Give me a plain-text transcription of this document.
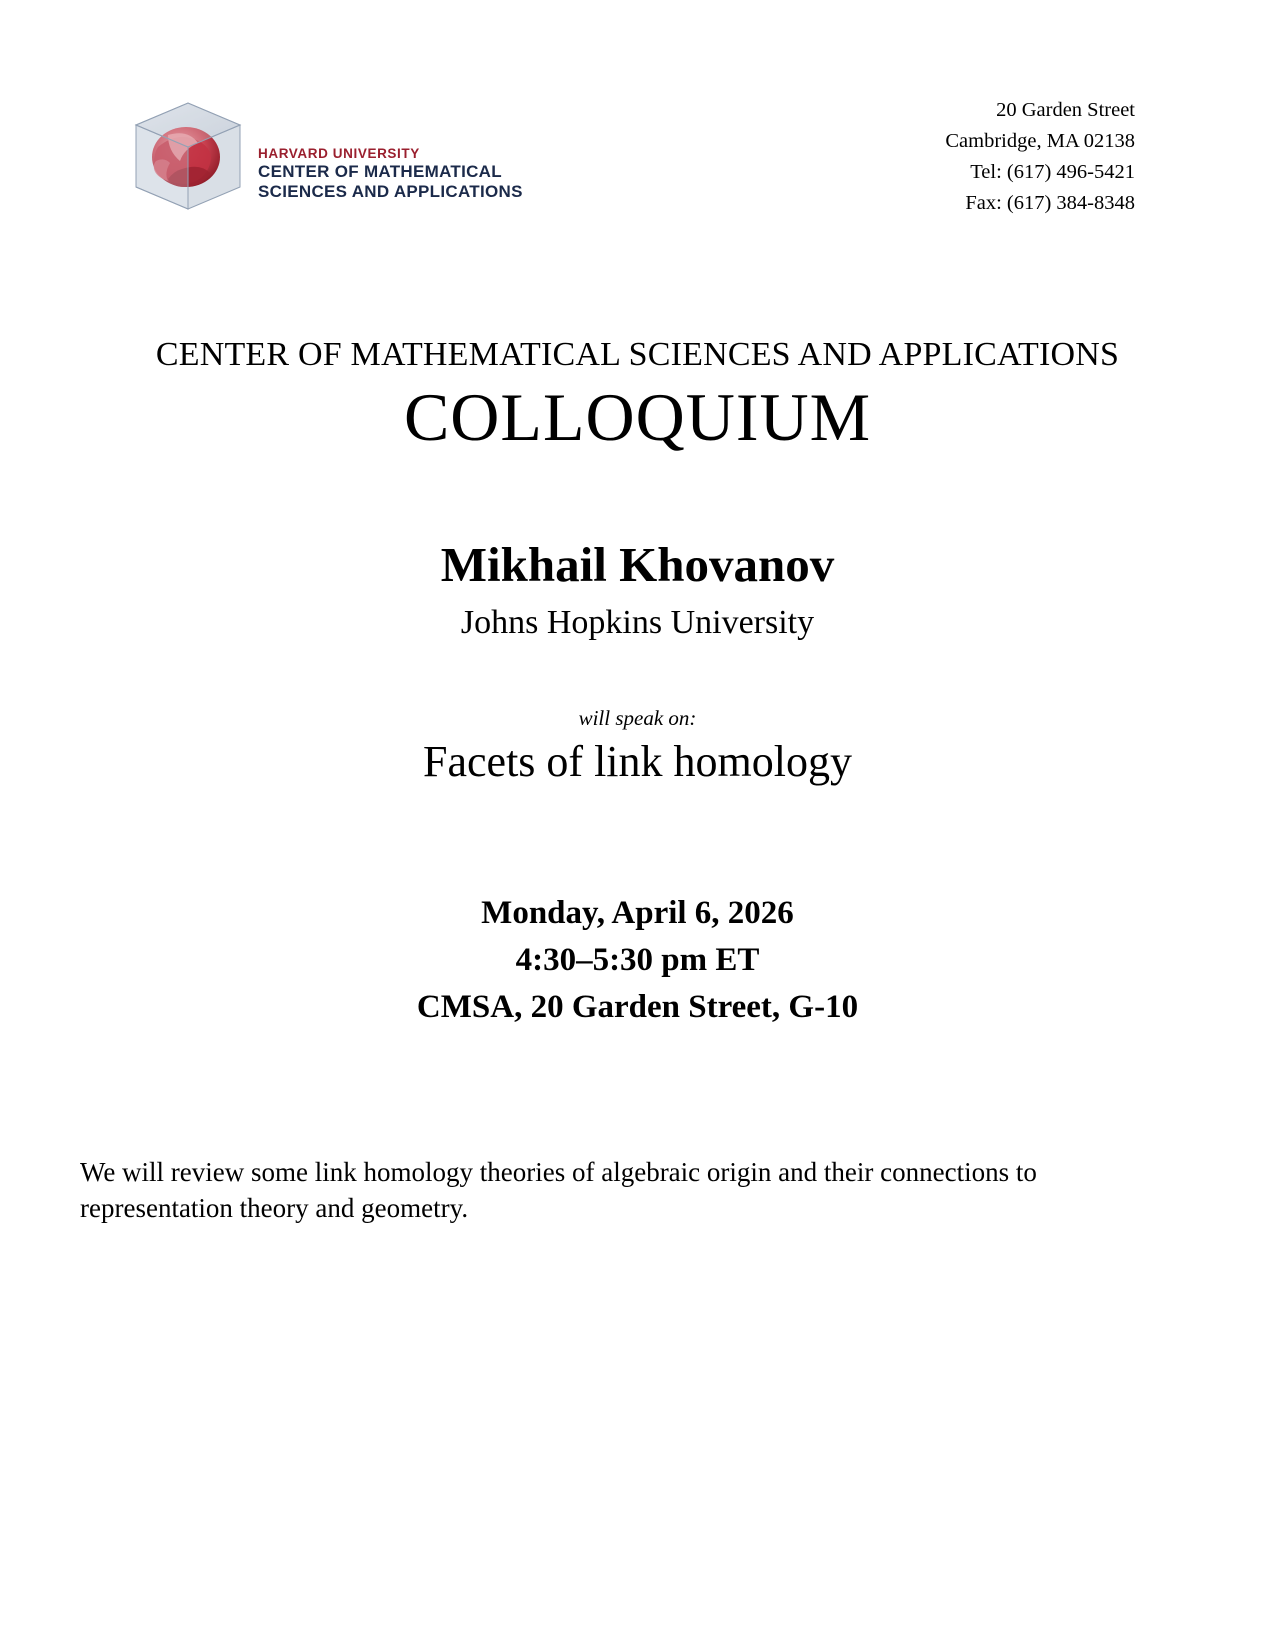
HARVARD UNIVERSITY
CENTER OF MATHEMATICAL
SCIENCES AND APPLICATIONS
20 Garden Street
Cambridge, MA 02138
Tel: (617) 496-5421
Fax: (617) 384-8348
CENTER OF MATHEMATICAL SCIENCES AND APPLICATIONS
COLLOQUIUM
Mikhail Khovanov
Johns Hopkins University
will speak on:
Facets of link homology
Monday, April 6, 2026
4:30–5:30 pm ET
CMSA, 20 Garden Street, G-10
We will review some link homology theories of algebraic origin and their connections to representation theory and geometry.
